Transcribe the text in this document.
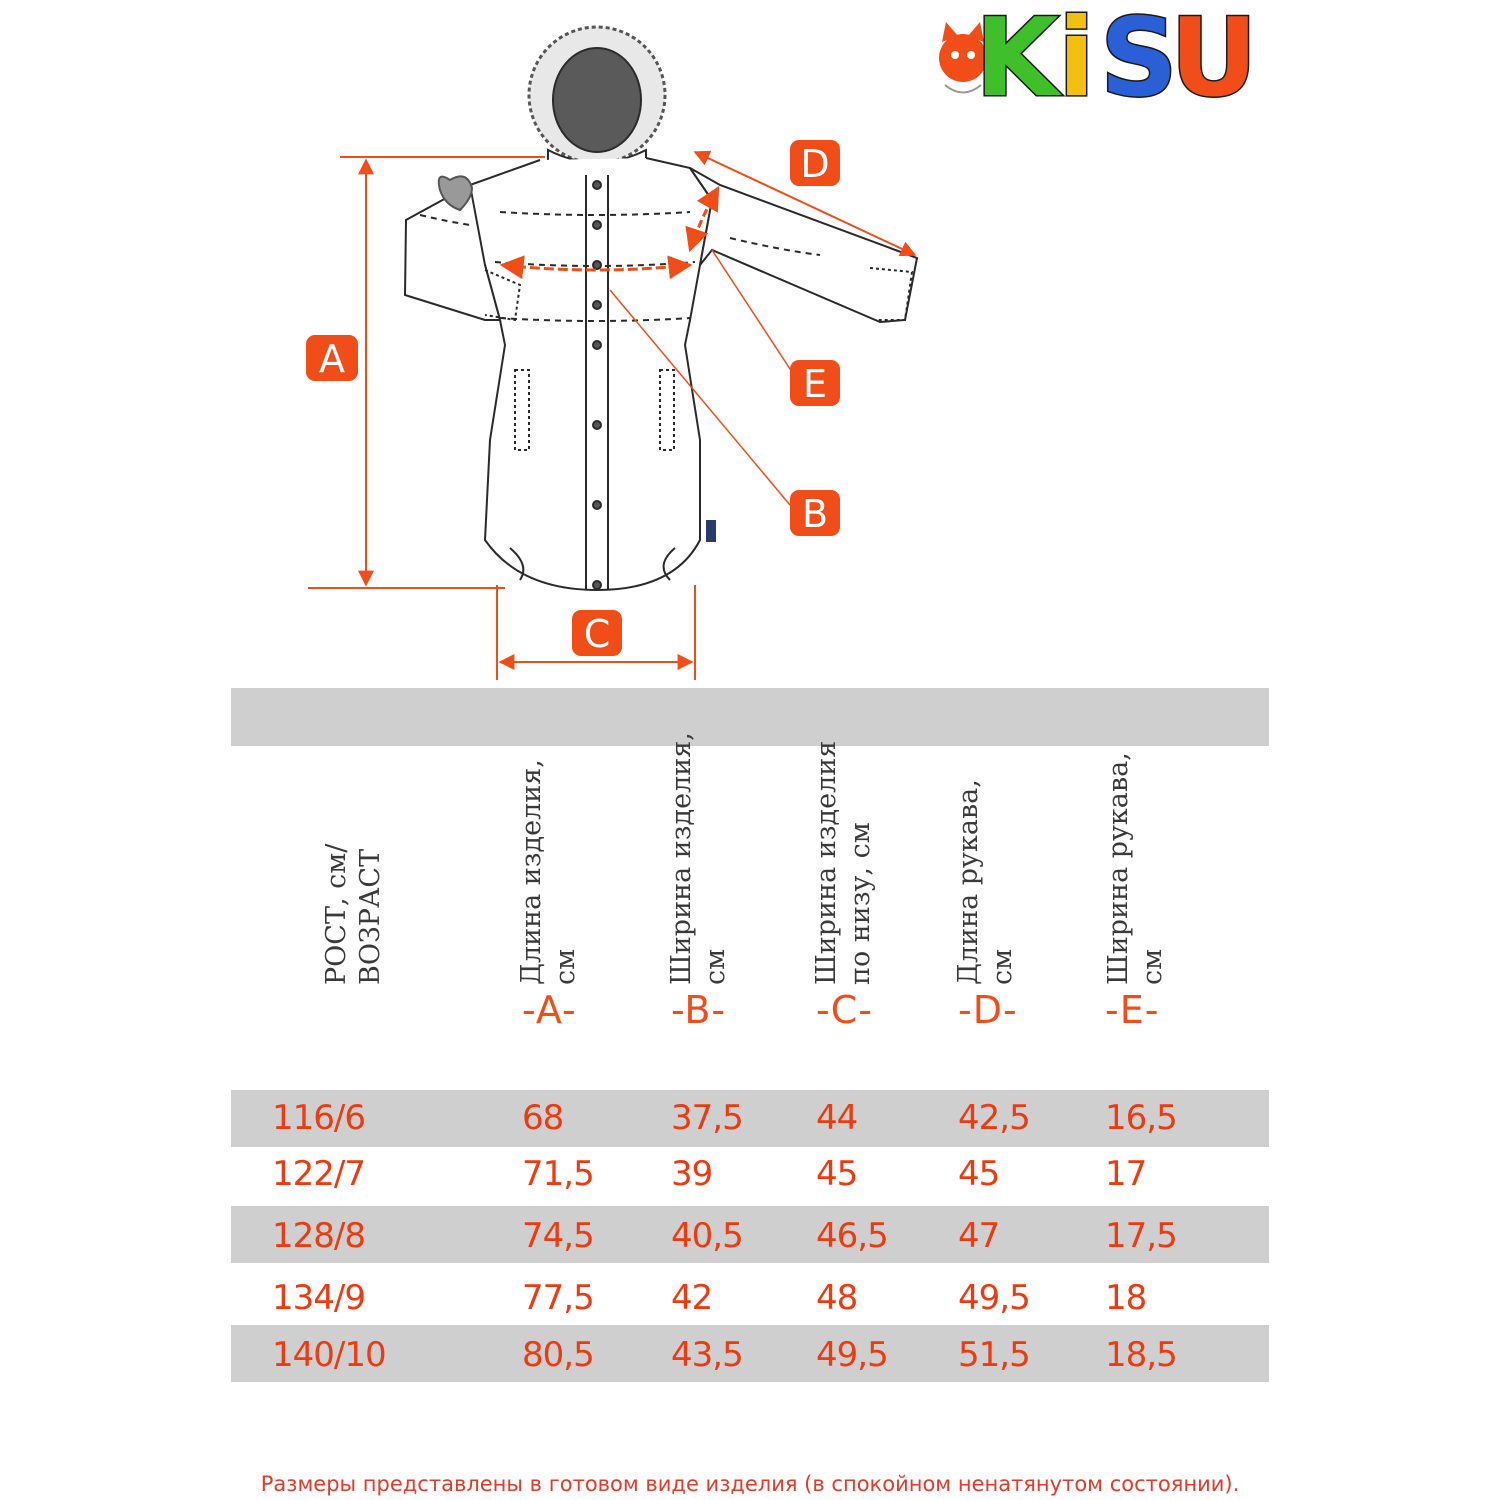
A
B
C
D
E
K i S
U
РОСТ, см/ ВОЗРАСТ	Длина изделия, см	Ширина изделия, см	Ширина изделия по низу, см	Длина рукава, см	Ширина рукава, см
-A- -B- -C- -D- -E-
116/6	68	37,5 44	42,5 16,5
122/7	71,5 39	45	45	17
128/8	74,5 40,5 46,5 47	17,5
134/9	77,5 42	48	49,5 18
140/10	80,5 43,5 49,5 51,5 18,5
Размеры представлены в готовом виде изделия (в спокойном ненатянутом состоянии).
